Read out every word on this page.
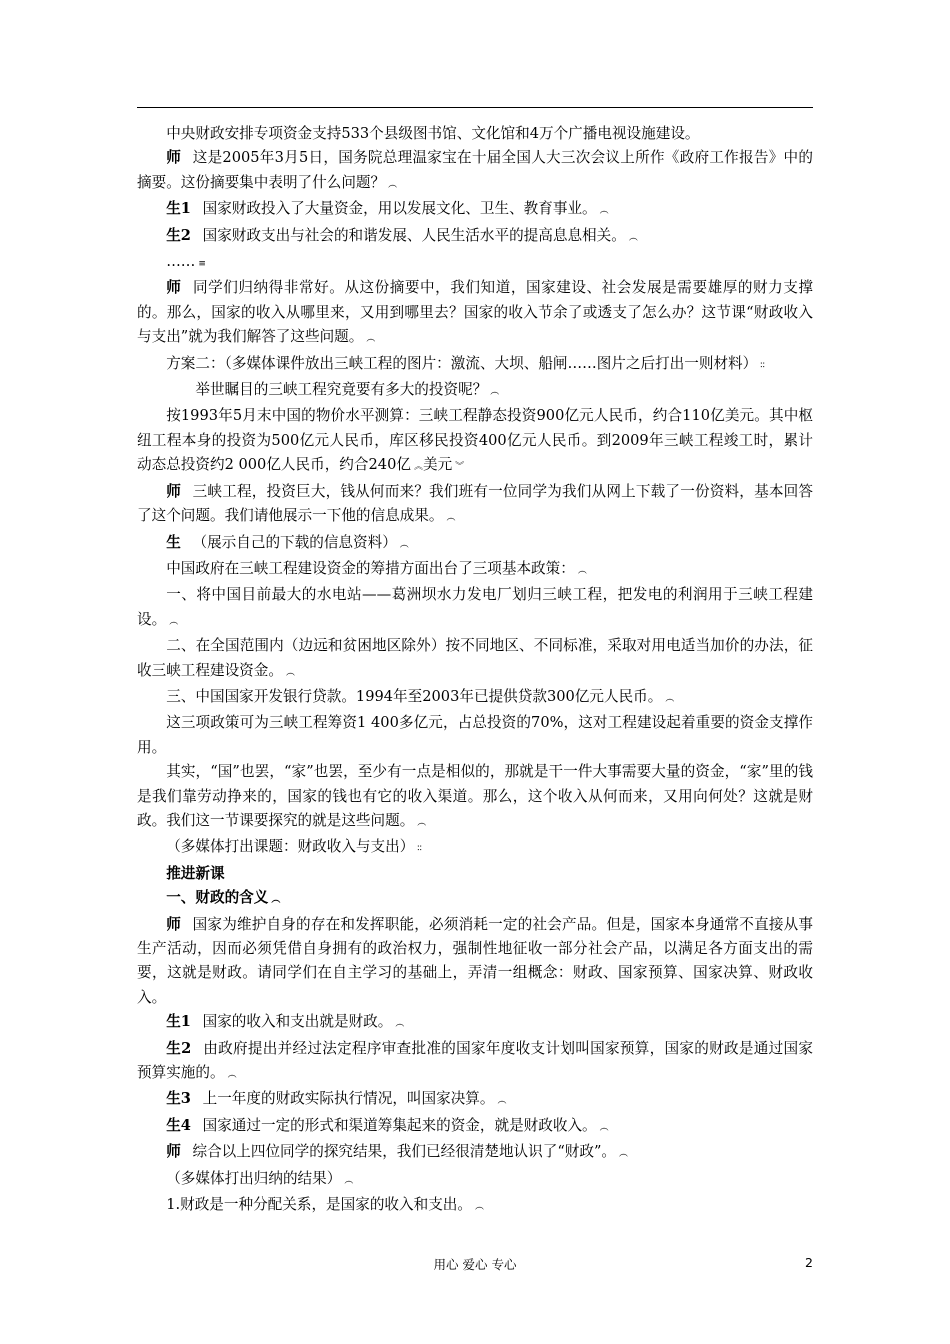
中央财政安排专项资金支持533个县级图书馆、文化馆和4万个广播电视设施建设。

师 这是2005年3月5日，国务院总理温家宝在十届全国人大三次会议上所作《政府工作报告》中的摘要。这份摘要集中表明了什么问题？ ︵

生1 国家财政投入了大量资金，用以发展文化、卫生、教育事业。 ︵

生2 国家财政支出与社会的和谐发展、人民生活水平的提高息息相关。 ︵

…… ≡

师 同学们归纳得非常好。从这份摘要中，我们知道，国家建设、社会发展是需要雄厚的财力支撑的。那么，国家的收入从哪里来，又用到哪里去？国家的收入节余了或透支了怎么办？这节课“财政收入与支出”就为我们解答了这些问题。 ︵

方案二：（多媒体课件放出三峡工程的图片：激流、大坝、船闸……图片之后打出一则材料） ∶∶

举世瞩目的三峡工程究竟要有多大的投资呢？ ︵

按1993年5月末中国的物价水平测算：三峡工程静态投资900亿元人民币，约合110亿美元。其中枢纽工程本身的投资为500亿元人民币，库区移民投资400亿元人民币。到2009年三峡工程竣工时，累计动态总投资约2 000亿人民币，约合240亿 ︽美元 ︾

师 三峡工程，投资巨大，钱从何而来？我们班有一位同学为我们从网上下载了一份资料，基本回答了这个问题。我们请他展示一下他的信息成果。 ︵

生 （展示自己的下载的信息资料） ︵

中国政府在三峡工程建设资金的筹措方面出台了三项基本政策： ︵

一、将中国目前最大的水电站——葛洲坝水力发电厂划归三峡工程，把发电的利润用于三峡工程建设。 ︵

二、在全国范围内（边远和贫困地区除外）按不同地区、不同标准，采取对用电适当加价的办法，征收三峡工程建设资金。 ︵

三、中国国家开发银行贷款。1994年至2003年已提供贷款300亿元人民币。 ︵

这三项政策可为三峡工程筹资1 400多亿元，占总投资的70%，这对工程建设起着重要的资金支撑作用。

其实，“国”也罢，“家”也罢，至少有一点是相似的，那就是干一件大事需要大量的资金，“家”里的钱是我们靠劳动挣来的，国家的钱也有它的收入渠道。那么，这个收入从何而来，又用向何处？这就是财政。我们这一节课要探究的就是这些问题。 ︵

（多媒体打出课题：财政收入与支出） ∶∶

推进新课

一、财政的含义 ︵

师 国家为维护自身的存在和发挥职能，必须消耗一定的社会产品。但是，国家本身通常不直接从事生产活动，因而必须凭借自身拥有的政治权力，强制性地征收一部分社会产品，以满足各方面支出的需要，这就是财政。请同学们在自主学习的基础上，弄清一组概念：财政、国家预算、国家决算、财政收入。

生1 国家的收入和支出就是财政。 ︵

生2 由政府提出并经过法定程序审查批准的国家年度收支计划叫国家预算，国家的财政是通过国家预算实施的。 ︵

生3 上一年度的财政实际执行情况，叫国家决算。 ︵

生4 国家通过一定的形式和渠道筹集起来的资金，就是财政收入。 ︵

师 综合以上四位同学的探究结果，我们已经很清楚地认识了“财政”。 ︵

（多媒体打出归纳的结果） ︵

1.财政是一种分配关系，是国家的收入和支出。 ︵

用心 爱心 专心	2
